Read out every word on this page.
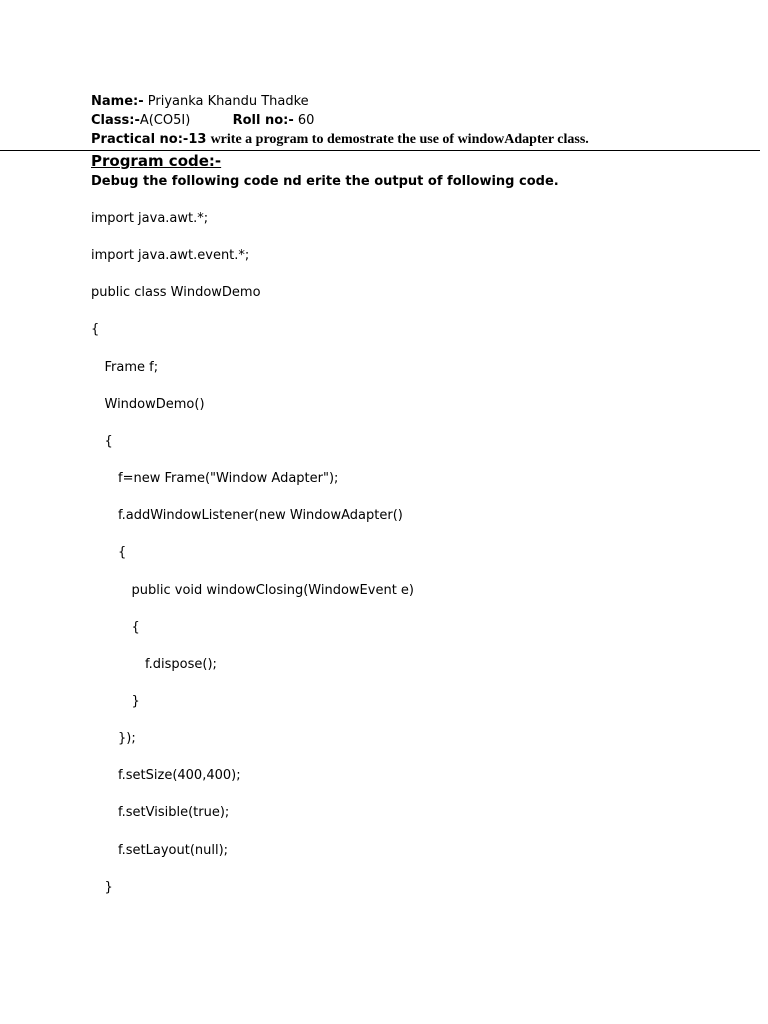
Name:- Priyanka Khandu Thadke
Class:-A(CO5I)	Roll no:- 60
Practical no:-13 write a program to demostrate the use of windowAdapter class.
Program code:-
Debug the following code nd erite the output of following code.
import java.awt.*;
import java.awt.event.*;
public class WindowDemo
{
Frame f;
WindowDemo()
{
f=new Frame("Window Adapter");
f.addWindowListener(new WindowAdapter()
{
public void windowClosing(WindowEvent e)
{
f.dispose();
}
});
f.setSize(400,400);
f.setVisible(true);
f.setLayout(null);
}
